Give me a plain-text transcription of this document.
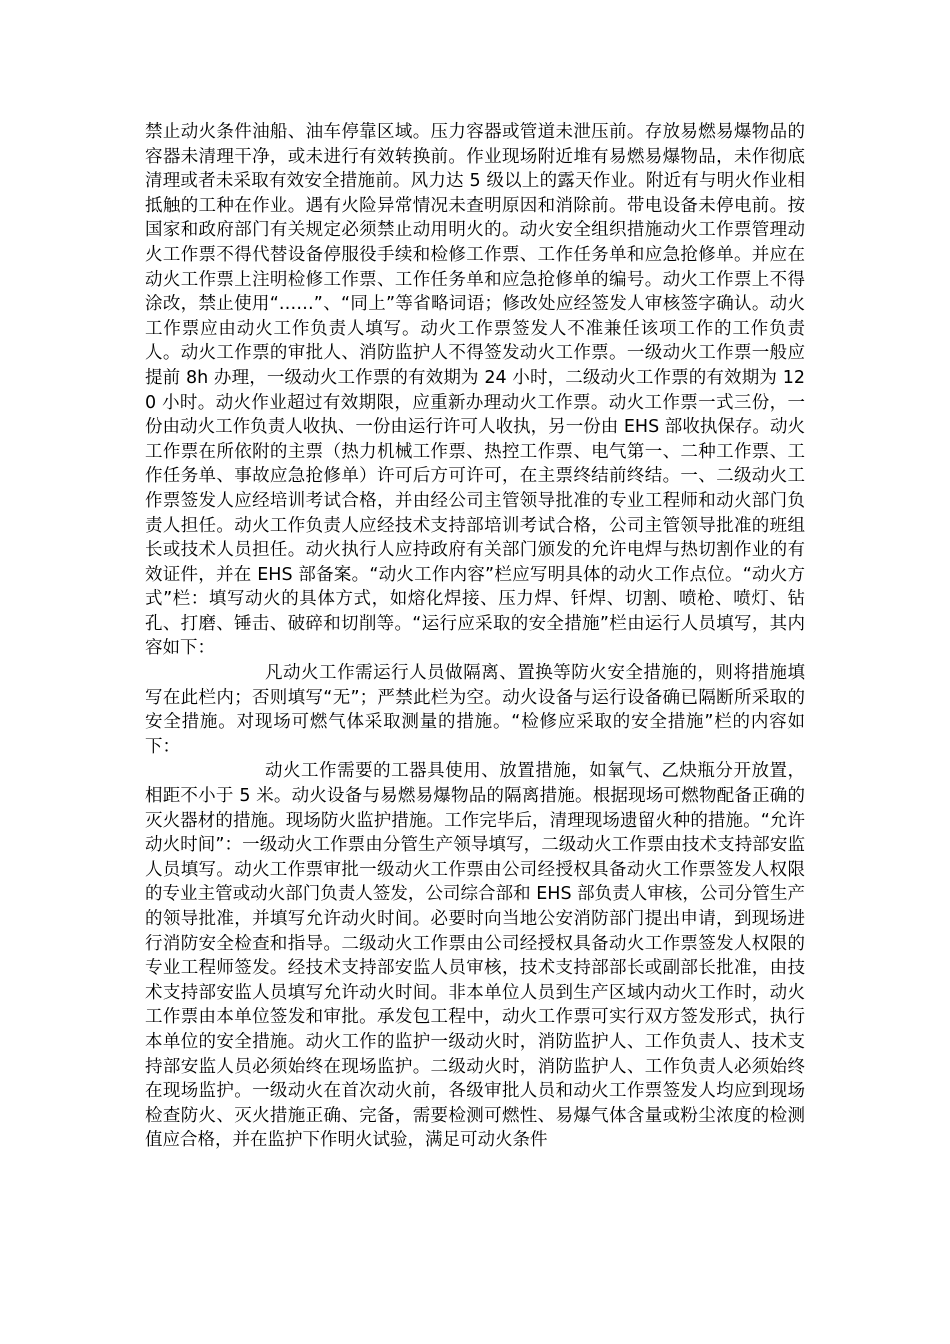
禁止动火条件油船、油车停靠区域。压力容器或管道未泄压前。存放易燃易爆物品的容器未清理干净，或未进行有效转换前。作业现场附近堆有易燃易爆物品，未作彻底清理或者未采取有效安全措施前。风力达 5 级以上的露天作业。附近有与明火作业相抵触的工种在作业。遇有火险异常情况未查明原因和消除前。带电设备未停电前。按国家和政府部门有关规定必须禁止动用明火的。动火安全组织措施动火工作票管理动火工作票不得代替设备停服役手续和检修工作票、工作任务单和应急抢修单。并应在动火工作票上注明检修工作票、工作任务单和应急抢修单的编号。动火工作票上不得涂改，禁止使用“……”、“同上”等省略词语；修改处应经签发人审核签字确认。动火工作票应由动火工作负责人填写。动火工作票签发人不准兼任该项工作的工作负责人。动火工作票的审批人、消防监护人不得签发动火工作票。一级动火工作票一般应提前 8h 办理，一级动火工作票的有效期为 24 小时，二级动火工作票的有效期为 120 小时。动火作业超过有效期限，应重新办理动火工作票。动火工作票一式三份，一份由动火工作负责人收执、一份由运行许可人收执，另一份由 EHS 部收执保存。动火工作票在所依附的主票（热力机械工作票、热控工作票、电气第一、二种工作票、工作任务单、事故应急抢修单）许可后方可许可，在主票终结前终结。一、二级动火工作票签发人应经培训考试合格，并由经公司主管领导批准的专业工程师和动火部门负责人担任。动火工作负责人应经技术支持部培训考试合格，公司主管领导批准的班组长或技术人员担任。动火执行人应持政府有关部门颁发的允许电焊与热切割作业的有效证件，并在 EHS 部备案。“动火工作内容”栏应写明具体的动火工作点位。“动火方式”栏：填写动火的具体方式，如熔化焊接、压力焊、钎焊、切割、喷枪、喷灯、钻孔、打磨、锤击、破碎和切削等。“运行应采取的安全措施”栏由运行人员填写，其内容如下：

凡动火工作需运行人员做隔离、置换等防火安全措施的，则将措施填写在此栏内；否则填写“无”；严禁此栏为空。动火设备与运行设备确已隔断所采取的安全措施。对现场可燃气体采取测量的措施。“检修应采取的安全措施”栏的内容如下：

动火工作需要的工器具使用、放置措施，如氧气、乙炔瓶分开放置，相距不小于 5 米。动火设备与易燃易爆物品的隔离措施。根据现场可燃物配备正确的灭火器材的措施。现场防火监护措施。工作完毕后，清理现场遗留火种的措施。“允许动火时间”：一级动火工作票由分管生产领导填写，二级动火工作票由技术支持部安监人员填写。动火工作票审批一级动火工作票由公司经授权具备动火工作票签发人权限的专业主管或动火部门负责人签发，公司综合部和 EHS 部负责人审核，公司分管生产的领导批准，并填写允许动火时间。必要时向当地公安消防部门提出申请，到现场进行消防安全检查和指导。二级动火工作票由公司经授权具备动火工作票签发人权限的专业工程师签发。经技术支持部安监人员审核，技术支持部部长或副部长批准，由技术支持部安监人员填写允许动火时间。非本单位人员到生产区域内动火工作时，动火工作票由本单位签发和审批。承发包工程中，动火工作票可实行双方签发形式，执行本单位的安全措施。动火工作的监护一级动火时，消防监护人、工作负责人、技术支持部安监人员必须始终在现场监护。二级动火时，消防监护人、工作负责人必须始终在现场监护。一级动火在首次动火前，各级审批人员和动火工作票签发人均应到现场检查防火、灭火措施正确、完备，需要检测可燃性、易爆气体含量或粉尘浓度的检测值应合格，并在监护下作明火试验，满足可动火条件
